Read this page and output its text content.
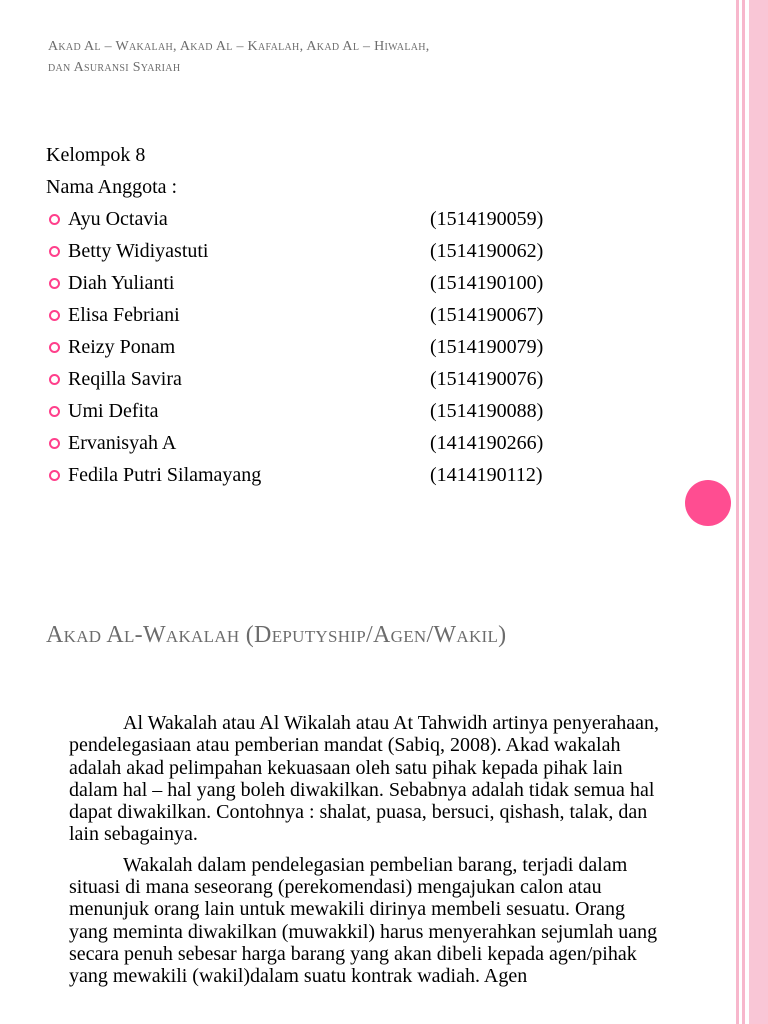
Akad Al – Wakalah, Akad Al – Kafalah, Akad Al – Hiwalah,
dan Asuransi Syariah
Kelompok 8
Nama Anggota :
Ayu Octavia	(1514190059)
Betty Widiyastuti	(1514190062)
Diah Yulianti	(1514190100)
Elisa Febriani	(1514190067)
Reizy Ponam	(1514190079)
Reqilla Savira	(1514190076)
Umi Defita	(1514190088)
Ervanisyah A	(1414190266)
Fedila Putri Silamayang	(1414190112)
Akad Al-Wakalah (Deputyship/Agen/Wakil)

Al Wakalah atau Al Wikalah atau At Tahwidh artinya penyerahaan, pendelegasiaan atau pemberian mandat (Sabiq, 2008). Akad wakalah adalah akad pelimpahan kekuasaan oleh satu pihak kepada pihak lain dalam hal – hal yang boleh diwakilkan. Sebabnya adalah tidak semua hal dapat diwakilkan. Contohnya : shalat, puasa, bersuci, qishash, talak, dan lain sebagainya.

Wakalah dalam pendelegasian pembelian barang, terjadi dalam situasi di mana seseorang (perekomendasi) mengajukan calon atau menunjuk orang lain untuk mewakili dirinya membeli sesuatu. Orang yang meminta diwakilkan (muwakkil) harus menyerahkan sejumlah uang secara penuh sebesar harga barang yang akan dibeli kepada agen/pihak yang mewakili (wakil)dalam suatu kontrak wadiah. Agen
